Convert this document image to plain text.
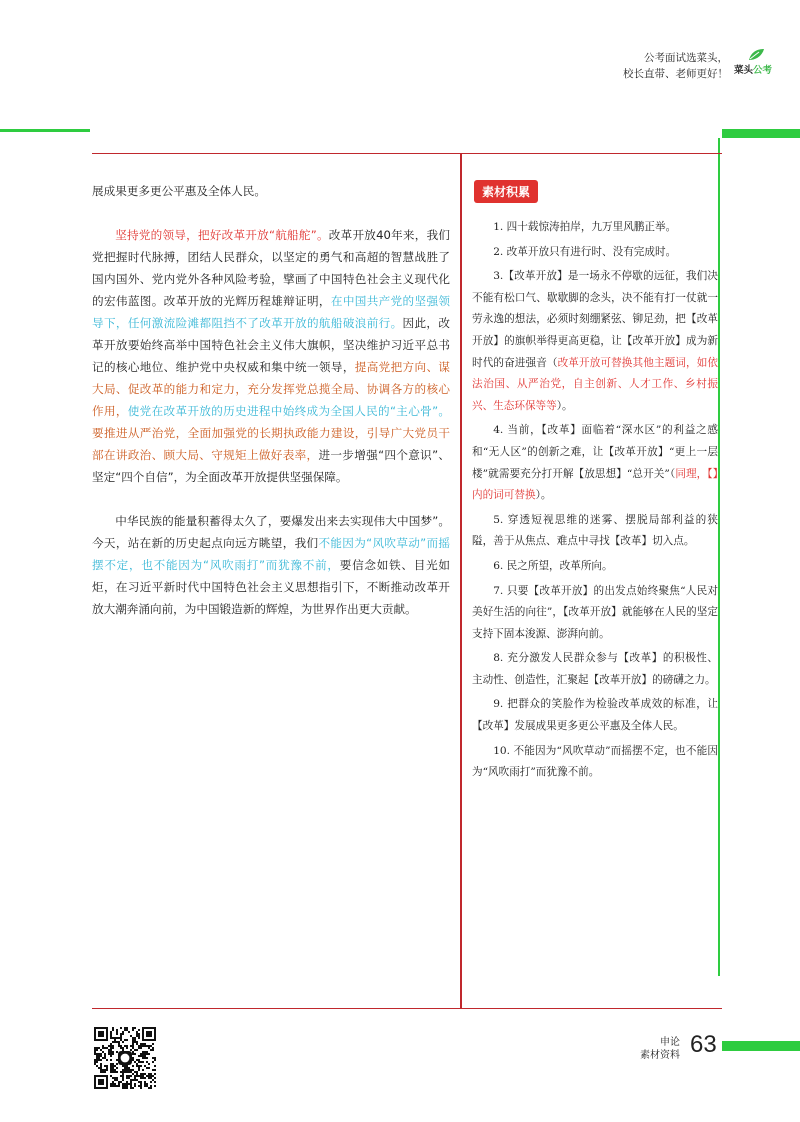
公考面试选菜头，
校长直带、老师更好！ 菜头公考

展成果更多更公平惠及全体人民。

坚持党的领导，把好改革开放“航船舵”。改革开放40年来，我们党把握时代脉搏，团结人民群众，以坚定的勇气和高超的智慧战胜了国内国外、党内党外各种风险考验，擘画了中国特色社会主义现代化的宏伟蓝图。改革开放的光辉历程雄辩证明，在中国共产党的坚强领导下，任何激流险滩都阻挡不了改革开放的航船破浪前行。因此，改革开放要始终高举中国特色社会主义伟大旗帜，坚决维护习近平总书记的核心地位、维护党中央权威和集中统一领导，提高党把方向、谋大局、促改革的能力和定力，充分发挥党总揽全局、协调各方的核心作用，使党在改革开放的历史进程中始终成为全国人民的“主心骨”。要推进从严治党，全面加强党的长期执政能力建设，引导广大党员干部在讲政治、顾大局、守规矩上做好表率，进一步增强“四个意识”、坚定“四个自信”，为全面改革开放提供坚强保障。

中华民族的能量积蓄得太久了，要爆发出来去实现伟大中国梦”。今天，站在新的历史起点向远方眺望，我们不能因为“风吹草动”而摇摆不定，也不能因为“风吹雨打”而犹豫不前，要信念如铁、目光如炬，在习近平新时代中国特色社会主义思想指引下，不断推动改革开放大潮奔涌向前，为中国锻造新的辉煌，为世界作出更大贡献。

素材积累

1. 四十载惊涛拍岸，九万里风鹏正举。

2. 改革开放只有进行时、没有完成时。

3.【改革开放】是一场永不停歇的远征，我们决不能有松口气、歇歇脚的念头，决不能有打一仗就一劳永逸的想法，必须时刻绷紧弦、铆足劲，把【改革开放】的旗帜举得更高更稳，让【改革开放】成为新时代的奋进强音（改革开放可替换其他主题词，如依法治国、从严治党，自主创新、人才工作、乡村振兴、生态环保等等）。

4. 当前，【改革】面临着“深水区”的利益之感和“无人区”的创新之难，让【改革开放】“更上一层楼”就需要充分打开解【放思想】“总开关”（同理，【】内的词可替换）。

5. 穿透短视思维的迷雾、摆脱局部利益的狭隘，善于从焦点、难点中寻找【改革】切入点。

6. 民之所望，改革所向。

7. 只要【改革开放】的出发点始终聚焦“人民对美好生活的向往”，【改革开放】就能够在人民的坚定支持下固本浚源、澎湃向前。

8. 充分激发人民群众参与【改革】的积极性、主动性、创造性，汇聚起【改革开放】的磅礴之力。

9. 把群众的笑脸作为检验改革成效的标准，让【改革】发展成果更多更公平惠及全体人民。

10. 不能因为“风吹草动”而摇摆不定，也不能因为“风吹雨打”而犹豫不前。

申论
素材资料 63
